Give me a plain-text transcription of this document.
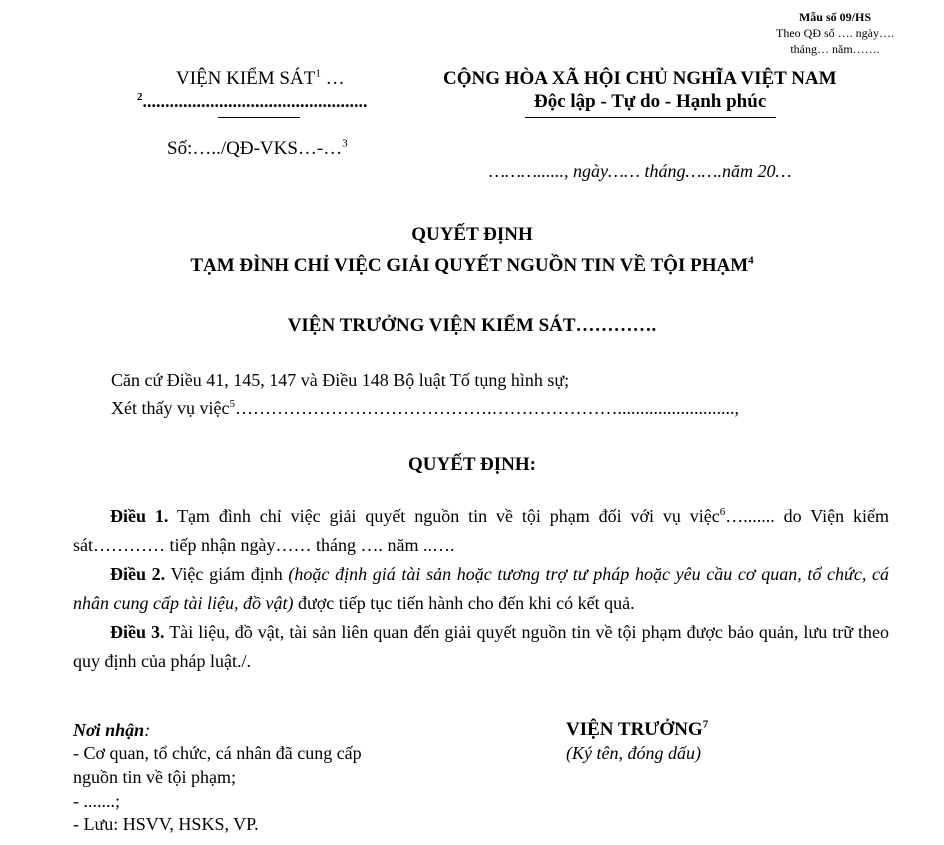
Mẫu số 09/HS
Theo QĐ số …. ngày….
tháng… năm…….
VIỆN KIỂM SÁT$^1$ …
$^2$..................................................
Số:…../QĐ-VKS…-…$^3$
CỘNG HÒA XÃ HỘI CHỦ NGHĨA VIỆT NAM
Độc lập - Tự do - Hạnh phúc
………......, ngày…… tháng…….năm 20…
QUYẾT ĐỊNH
TẠM ĐÌNH CHỈ VIỆC GIẢI QUYẾT NGUỒN TIN VỀ TỘI PHẠM$^4$
VIỆN TRƯỞNG VIỆN KIỂM SÁT………….
Căn cứ Điều 41, 145, 147 và Điều 148 Bộ luật Tố tụng hình sự;
Xét thấy vụ việc$^5$…………………………………….…………………..........................,
QUYẾT ĐỊNH:
Điều 1. Tạm đình chỉ việc giải quyết nguồn tin về tội phạm đối với vụ việc$^6$…....... do Viện kiểm sát………… tiếp nhận ngày…… tháng …. năm ..….
Điều 2. Việc giám định (hoặc định giá tài sản hoặc tương trợ tư pháp hoặc yêu cầu cơ quan, tổ chức, cá nhân cung cấp tài liệu, đồ vật) được tiếp tục tiến hành cho đến khi có kết quả.
Điều 3. Tài liệu, đồ vật, tài sản liên quan đến giải quyết nguồn tin về tội phạm được bảo quản, lưu trữ theo quy định của pháp luật./.
Nơi nhận:
- Cơ quan, tổ chức, cá nhân đã cung cấp
nguồn tin về tội phạm;
- .......;
- Lưu: HSVV, HSKS, VP.
VIỆN TRƯỞNG$^7$
(Ký tên, đóng dấu)
